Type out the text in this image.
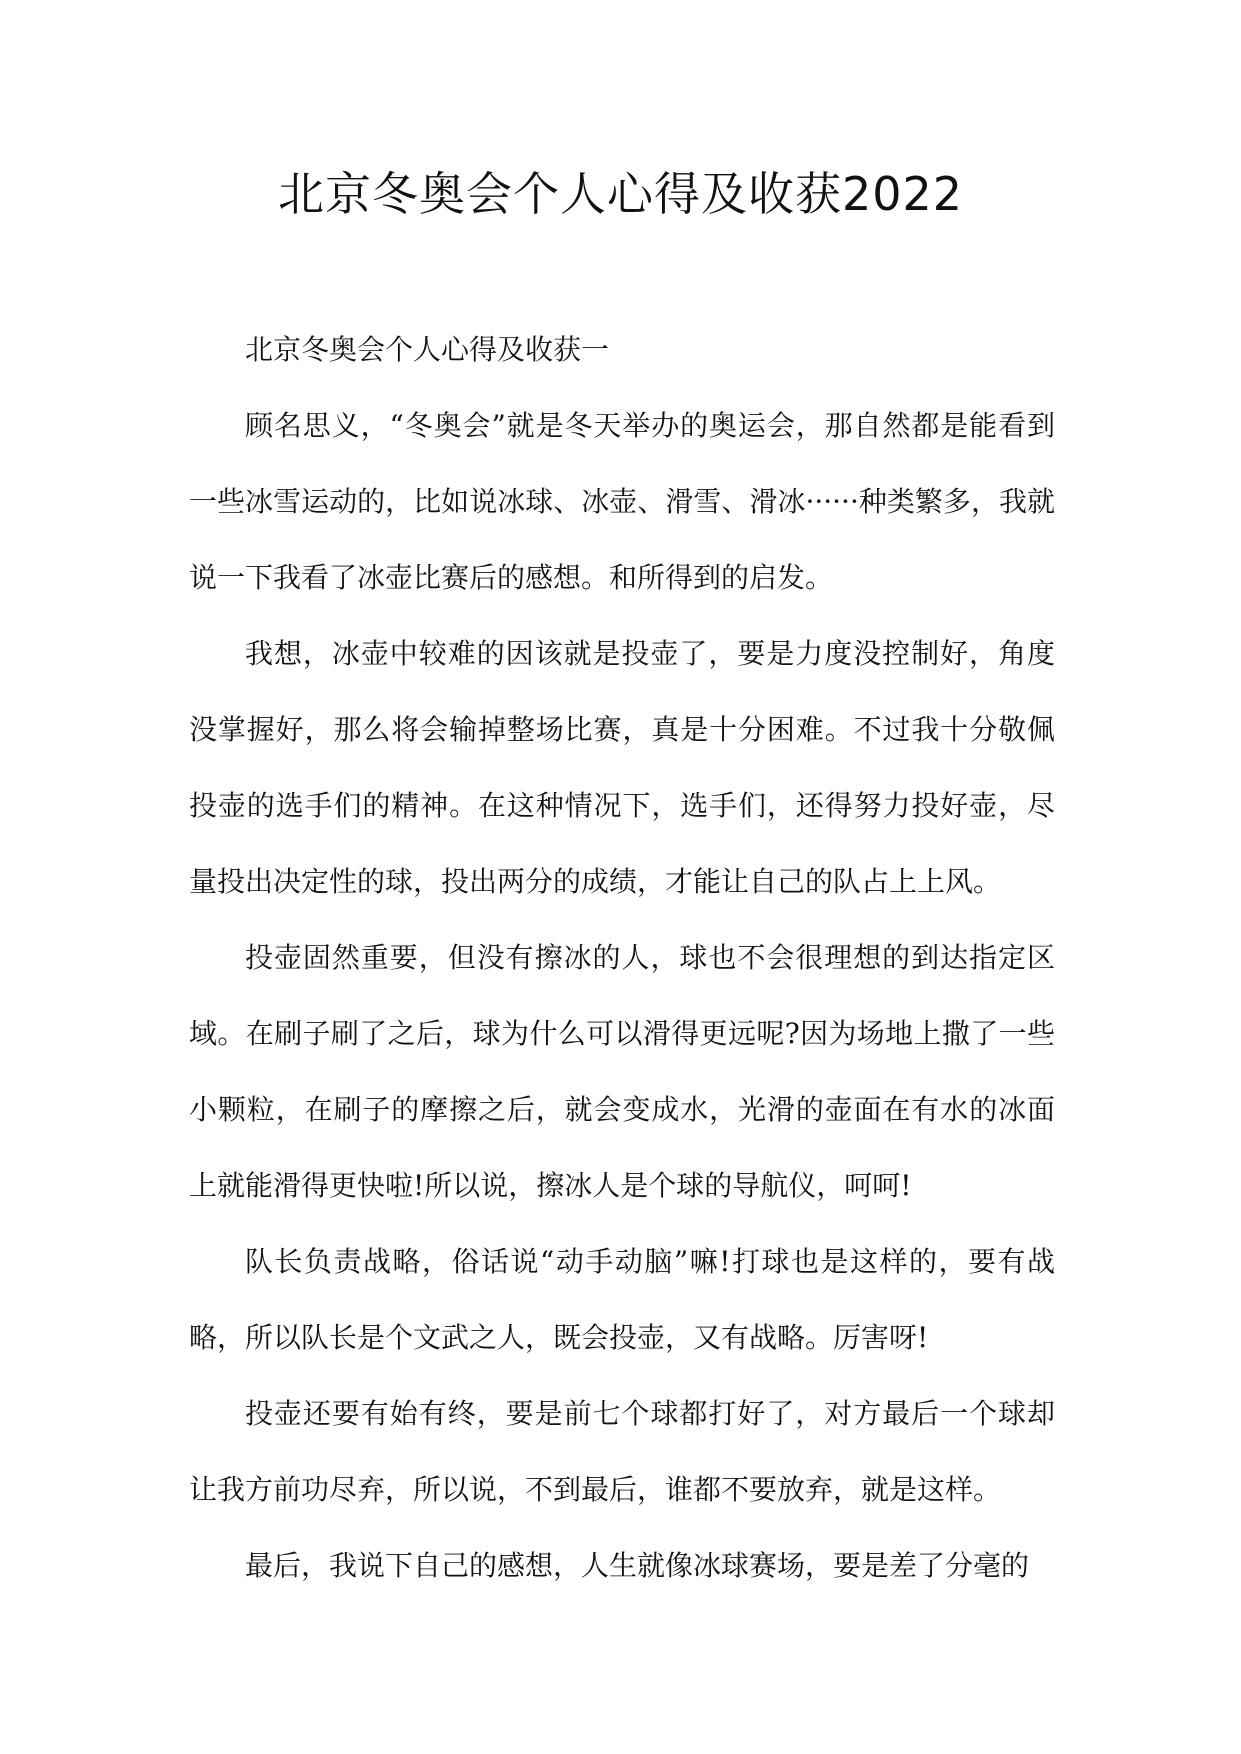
北京冬奥会个人心得及收获2022

北京冬奥会个人心得及收获一

顾名思义，“冬奥会”就是冬天举办的奥运会，那自然都是能看到一些冰雪运动的，比如说冰球、冰壶、滑雪、滑冰······种类繁多，我就说一下我看了冰壶比赛后的感想。和所得到的启发。

我想，冰壶中较难的因该就是投壶了，要是力度没控制好，角度没掌握好，那么将会输掉整场比赛，真是十分困难。不过我十分敬佩投壶的选手们的精神。在这种情况下，选手们，还得努力投好壶，尽量投出决定性的球，投出两分的成绩，才能让自己的队占上上风。

投壶固然重要，但没有擦冰的人，球也不会很理想的到达指定区域。在刷子刷了之后，球为什么可以滑得更远呢?因为场地上撒了一些小颗粒，在刷子的摩擦之后，就会变成水，光滑的壶面在有水的冰面上就能滑得更快啦!所以说，擦冰人是个球的导航仪，呵呵!

队长负责战略，俗话说“动手动脑”嘛!打球也是这样的，要有战略，所以队长是个文武之人，既会投壶，又有战略。厉害呀!

投壶还要有始有终，要是前七个球都打好了，对方最后一个球却让我方前功尽弃，所以说，不到最后，谁都不要放弃，就是这样。

最后，我说下自己的感想，人生就像冰球赛场，要是差了分毫的
